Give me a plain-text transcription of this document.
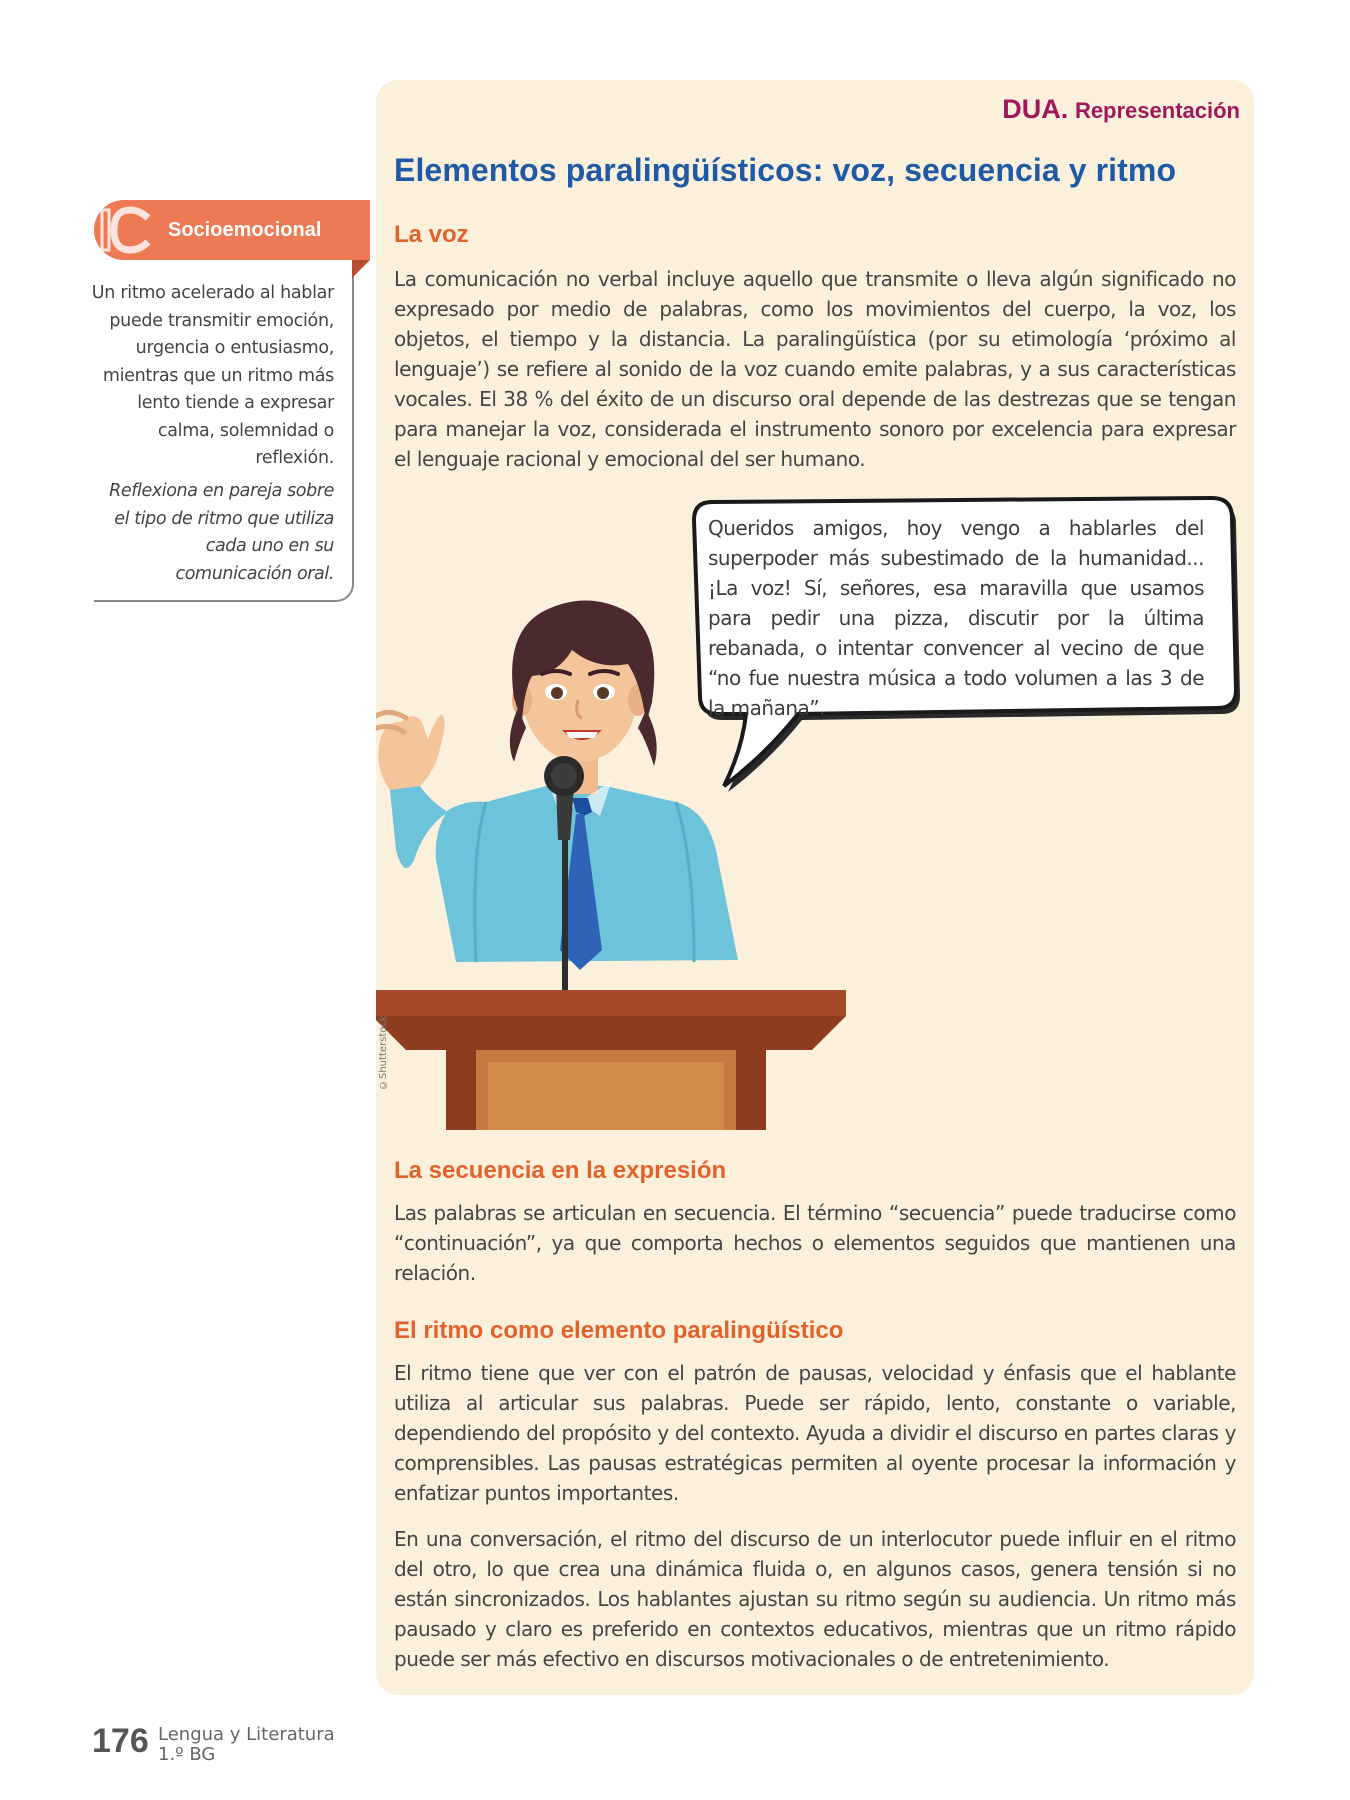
DUA. Representación
Elementos paralingüísticos: voz, secuencia y ritmo
La voz

La comunicación no verbal incluye aquello que transmite o lleva algún significado no expresado por medio de palabras, como los movimientos del cuerpo, la voz, los objetos, el tiempo y la distancia. La paralingüística (por su etimología ‘próximo al lenguaje’) se refiere al sonido de la voz cuando emite palabras, y a sus características vocales. El 38 % del éxito de un discurso oral depende de las destrezas que se tengan para manejar la voz, considerada el instrumento sonoro por excelencia para expresar el lenguaje racional y emocional del ser humano.

Queridos amigos, hoy vengo a hablarles del superpoder más subestimado de la humanidad... ¡La voz! Sí, señores, esa maravilla que usamos para pedir una pizza, discutir por la última rebanada, o intentar convencer al vecino de que “no fue nuestra música a todo volumen a las 3 de la mañana”.

©Shutterstock
La secuencia en la expresión

Las palabras se articulan en secuencia. El término “secuencia” puede traducirse como “continuación”, ya que comporta hechos o elementos seguidos que mantienen una relación.

El ritmo como elemento paralingüístico

El ritmo tiene que ver con el patrón de pausas, velocidad y énfasis que el hablante utiliza al articular sus palabras. Puede ser rápido, lento, constante o variable, dependiendo del propósito y del contexto. Ayuda a dividir el discurso en partes claras y comprensibles. Las pausas estratégicas permiten al oyente procesar la información y enfatizar puntos importantes.

En una conversación, el ritmo del discurso de un interlocutor puede influir en el ritmo del otro, lo que crea una dinámica fluida o, en algunos casos, genera tensión si no están sincronizados. Los hablantes ajustan su ritmo según su audiencia. Un ritmo más pausado y claro es preferido en contextos educativos, mientras que un ritmo rápido puede ser más efectivo en discursos motivacionales o de entretenimiento.

Socioemocional

Un ritmo acelerado al hablar puede transmitir emoción, urgencia o entusiasmo, mientras que un ritmo más lento tiende a expresar calma, solemnidad o reflexión.

Reflexiona en pareja sobre el tipo de ritmo que utiliza cada uno en su comunicación oral.

176 Lengua y Literatura
1.º BG
